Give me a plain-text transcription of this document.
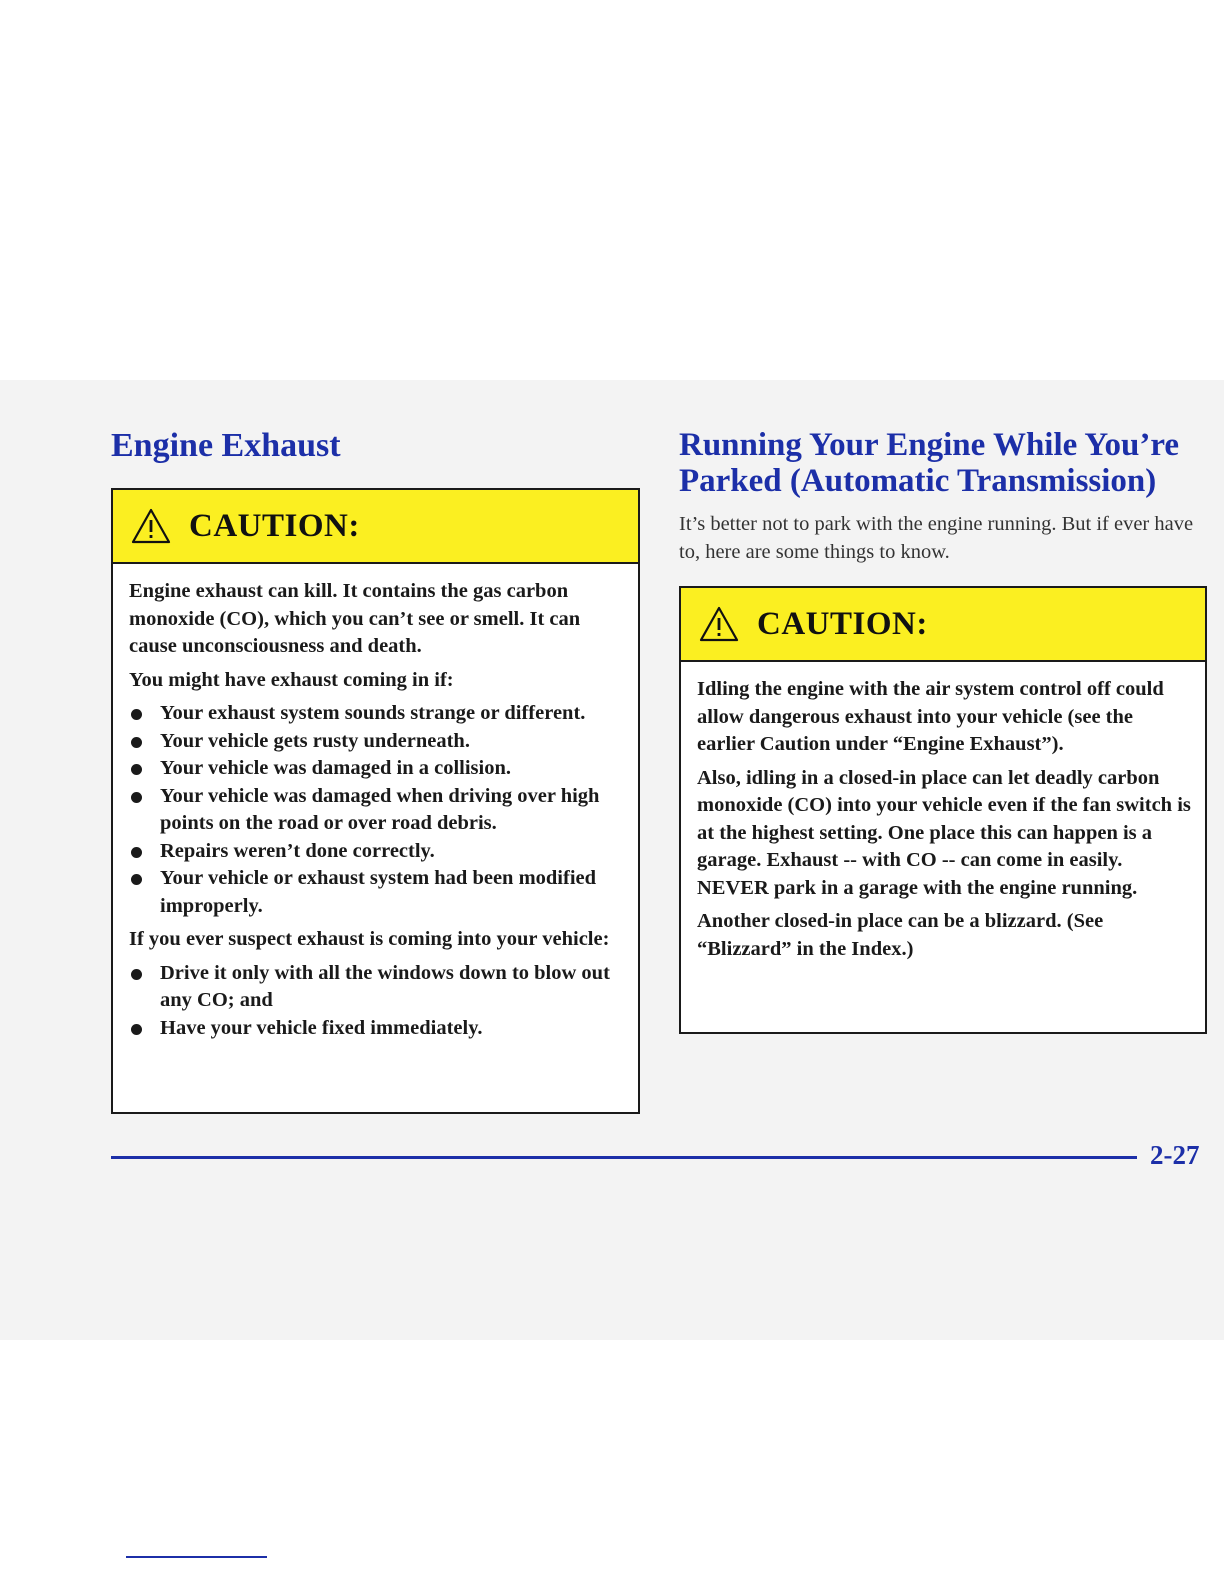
Engine Exhaust
CAUTION:

Engine exhaust can kill. It contains the gas carbon monoxide (CO), which you can’t see or smell. It can cause unconsciousness and death.

You might have exhaust coming in if:

Your exhaust system sounds strange or different.
Your vehicle gets rusty underneath.
Your vehicle was damaged in a collision.
Your vehicle was damaged when driving over high points on the road or over road debris.
Repairs weren’t done correctly.
Your vehicle or exhaust system had been modified improperly.

If you ever suspect exhaust is coming into your vehicle:

Drive it only with all the windows down to blow out any CO; and
Have your vehicle fixed immediately.
Running Your Engine While You’re Parked (Automatic Transmission)

It’s better not to park with the engine running. But if ever have to, here are some things to know.

CAUTION:

Idling the engine with the air system control off could allow dangerous exhaust into your vehicle (see the earlier Caution under “Engine Exhaust”).

Also, idling in a closed-in place can let deadly carbon monoxide (CO) into your vehicle even if the fan switch is at the highest setting. One place this can happen is a garage. Exhaust -- with CO -- can come in easily. NEVER park in a garage with the engine running.

Another closed-in place can be a blizzard. (See “Blizzard” in the Index.)

2-27
